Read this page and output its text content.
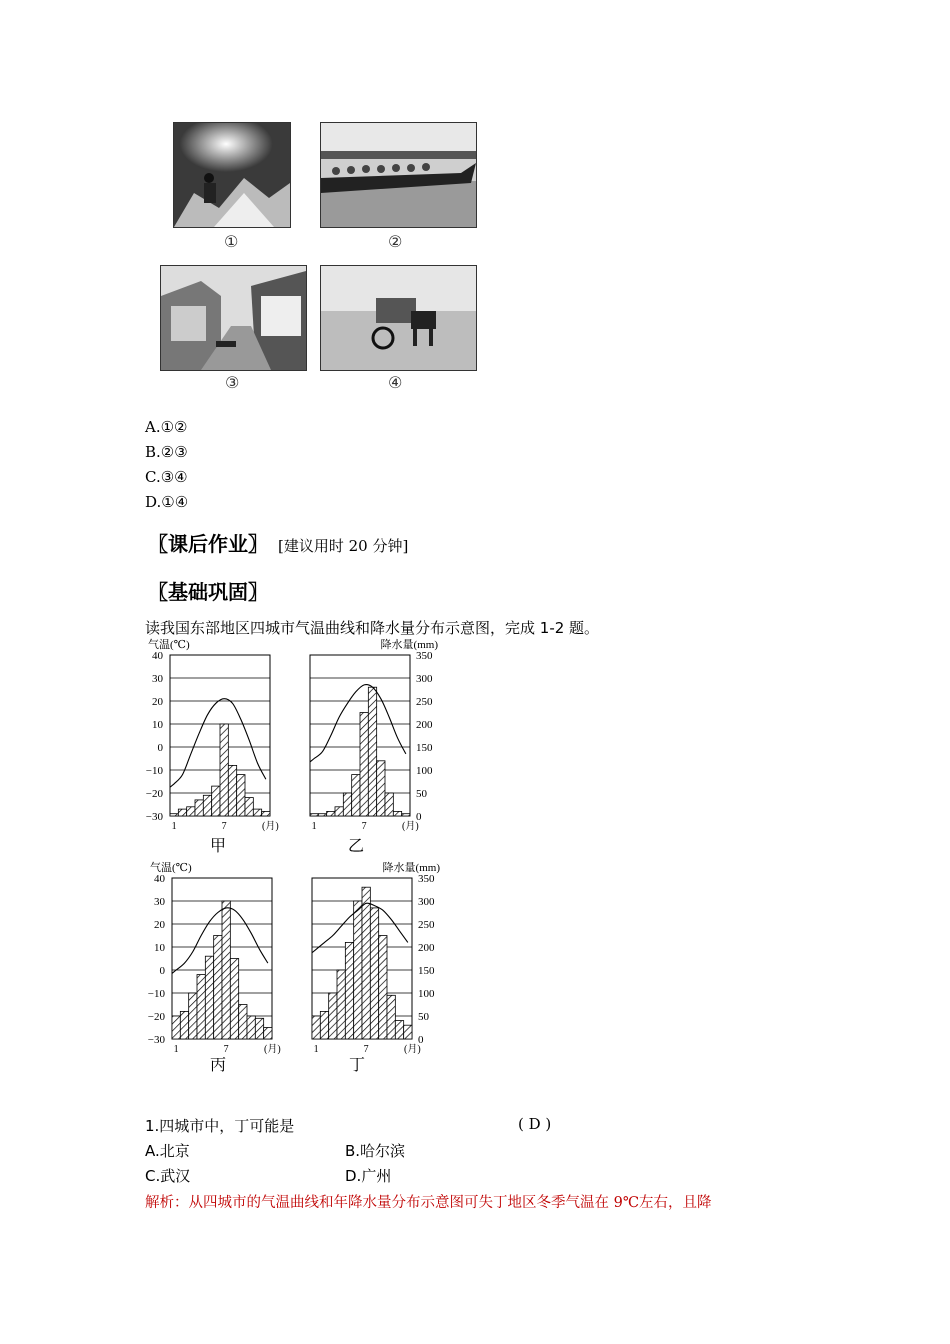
①	②
③	④
A.①②
B.②③
C.③④
D.①④
〖课后作业〗 [建议用时 20 分钟]
〖基础巩固〗
读我国东部地区四城市气温曲线和降水量分布示意图，完成 1-2 题。
气温(℃)
40
30
20
10
0
−10
−20
−30
1	7	(月)
甲
降水量(mm)
350
300
250
200
150
100
50
0
1	7	(月)
乙
气温(℃)
40
30
20
10
0
−10
−20
−30
1	7	(月)
丙
降水量(mm)
350
300
250
200
150
100
50
0
1	7	(月)
丁
1.四城市中，丁可能是	( D )
A.北京	B.哈尔滨
C.武汉	D.广州
解析：从四城市的气温曲线和年降水量分布示意图可失丁地区冬季气温在 9℃左右，且降
